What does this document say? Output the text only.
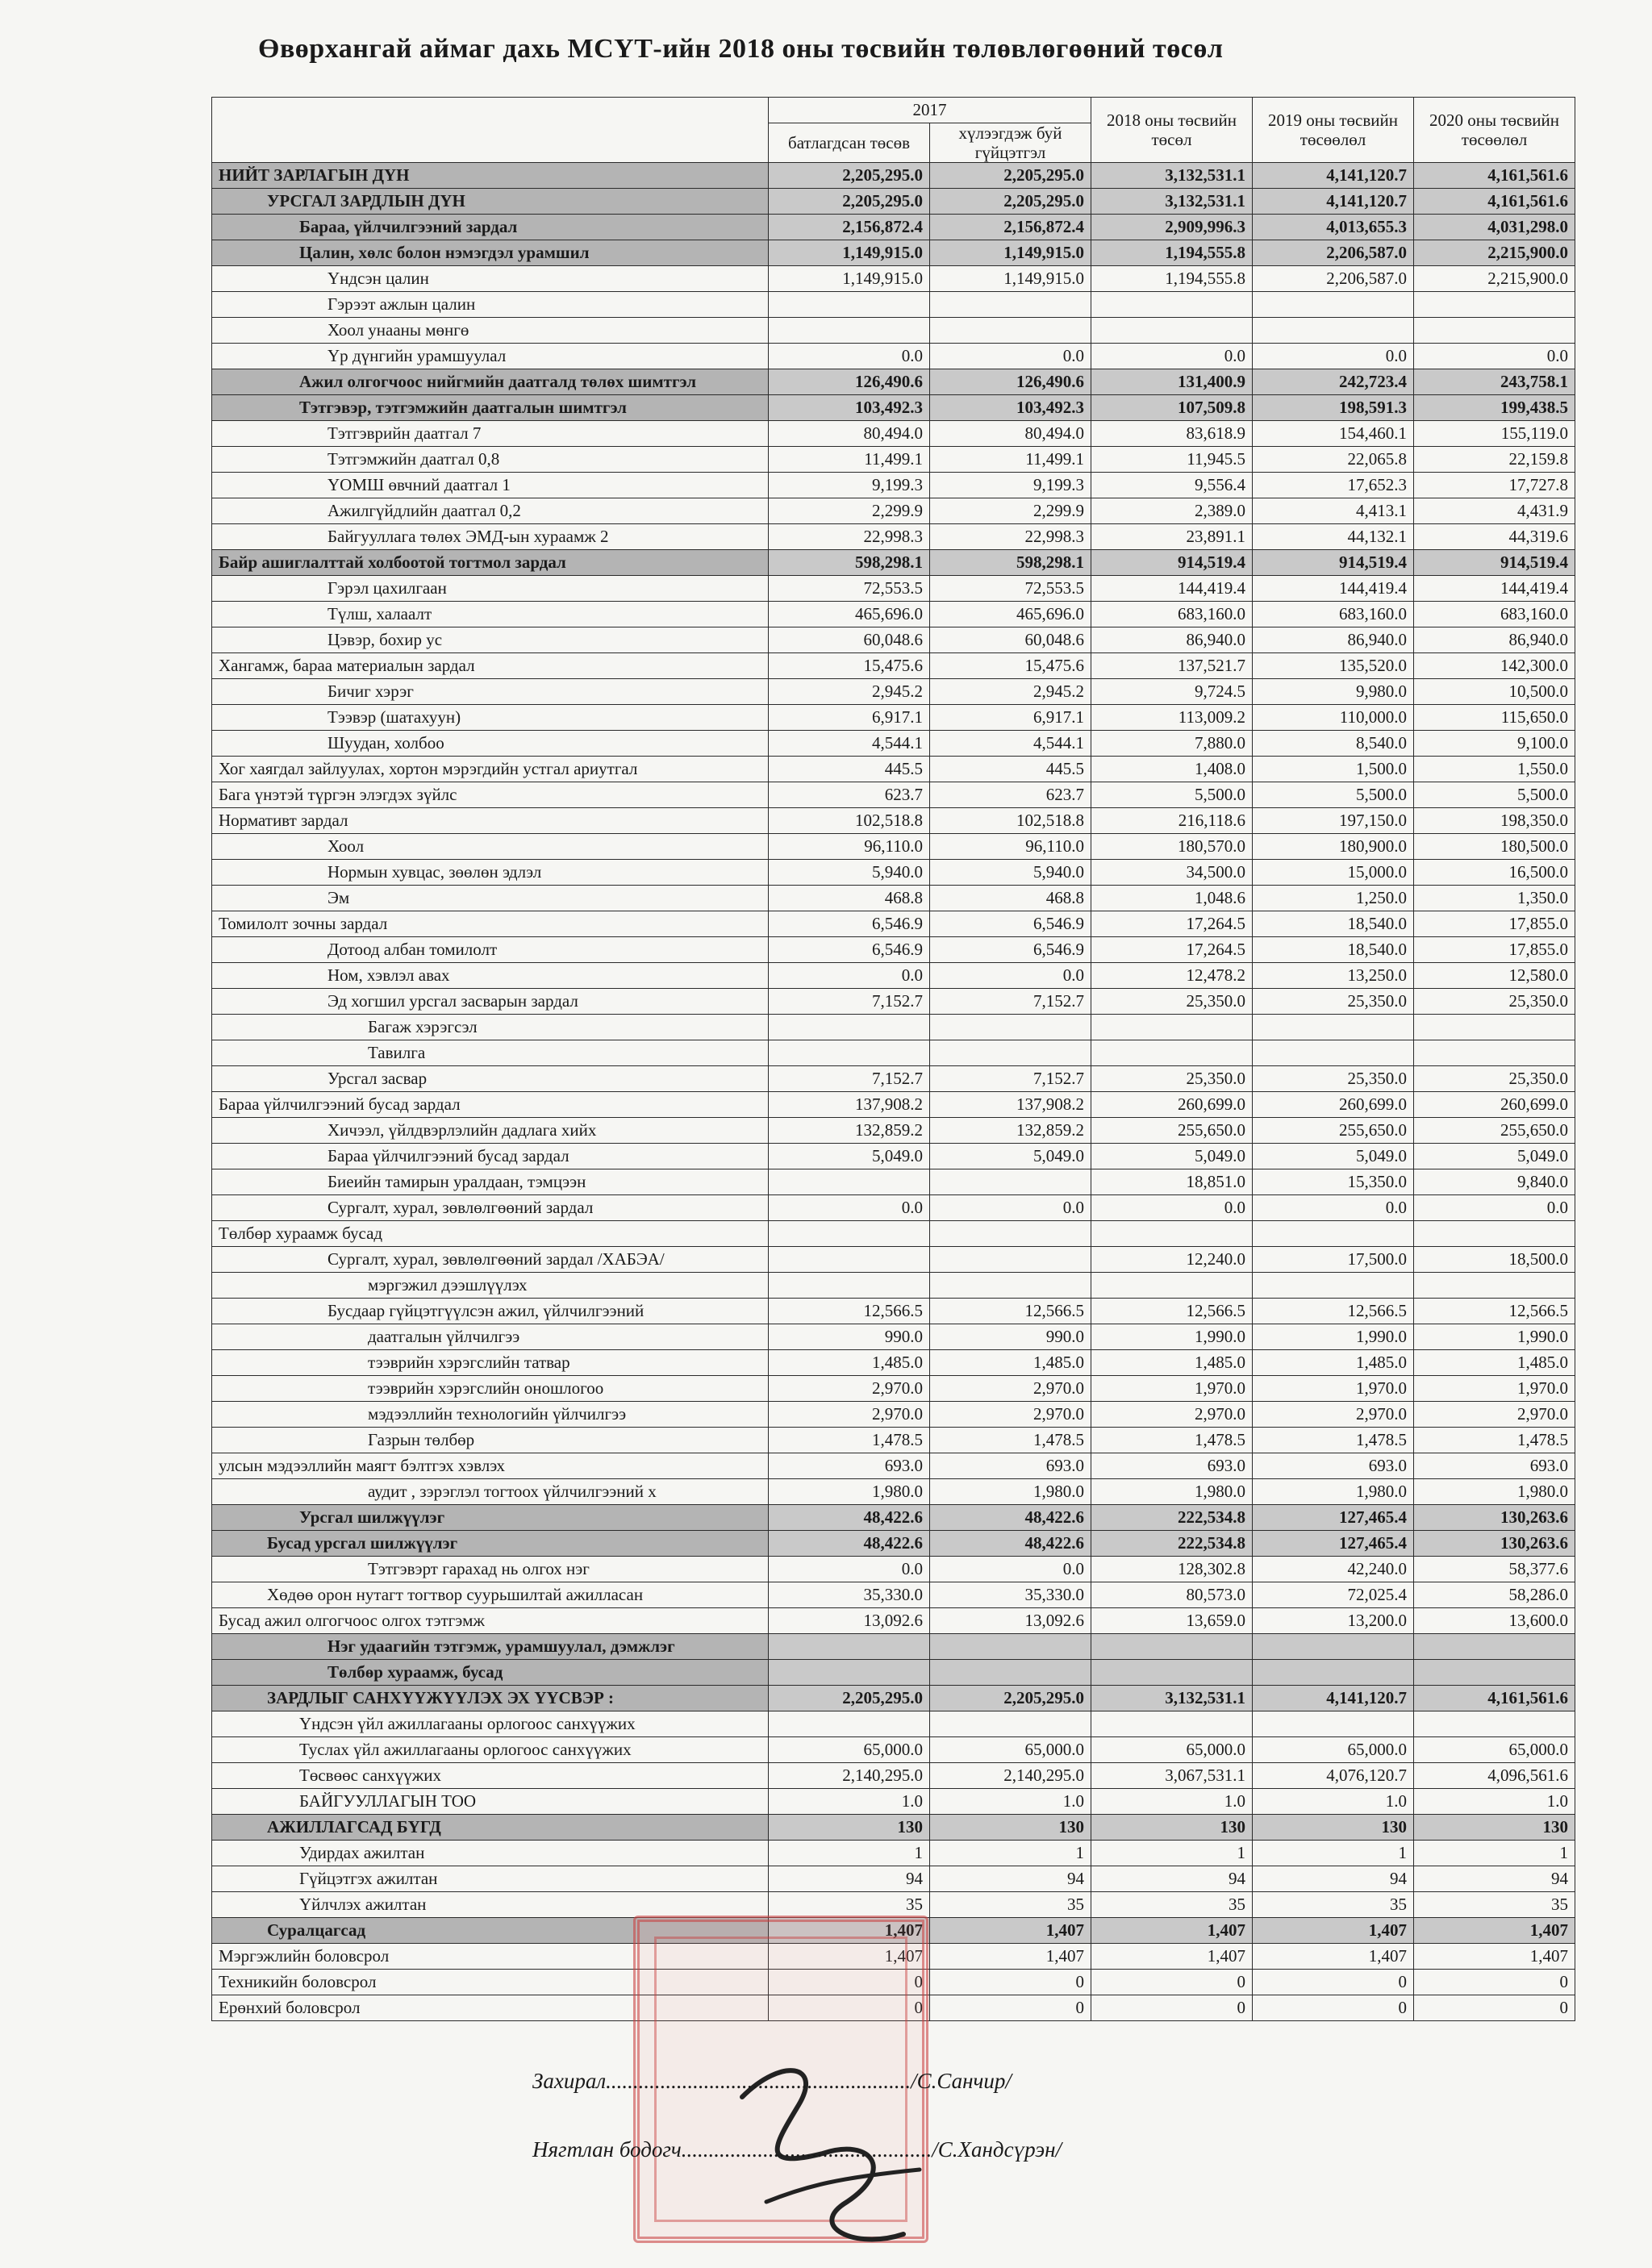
Өвөрхангай аймаг дахь МСҮТ-ийн 2018 оны төсвийн төлөвлөгөөний төсөл
	2017		2018 оны төсвийн төсөл	2019 оны төсвийн төсөөлөл	2020 оны төсвийн төсөөлөл
	батлагдсан төсөв	хүлээгдэж буй гүйцэтгэл			
НИЙТ ЗАРЛАГЫН ДҮН	2,205,295.0	2,205,295.0	3,132,531.1	4,141,120.7	4,161,561.6
УРСГАЛ ЗАРДЛЫН ДҮН	2,205,295.0	2,205,295.0	3,132,531.1	4,141,120.7	4,161,561.6
Бараа, үйлчилгээний зардал	2,156,872.4	2,156,872.4	2,909,996.3	4,013,655.3	4,031,298.0
Цалин, хөлс болон нэмэгдэл урамшил	1,149,915.0	1,149,915.0	1,194,555.8	2,206,587.0	2,215,900.0
Үндсэн цалин	1,149,915.0	1,149,915.0	1,194,555.8	2,206,587.0	2,215,900.0
Гэрээт ажлын цалин					
Хоол унааны мөнгө					
Үр дүнгийн урамшуулал	0.0	0.0	0.0	0.0	0.0
Ажил олгогчоос нийгмийн даатгалд төлөх шимтгэл	126,490.6	126,490.6	131,400.9	242,723.4	243,758.1
Тэтгэвэр, тэтгэмжийн даатгалын шимтгэл	103,492.3	103,492.3	107,509.8	198,591.3	199,438.5
Тэтгэврийн даатгал 7	80,494.0	80,494.0	83,618.9	154,460.1	155,119.0
Тэтгэмжийн даатгал 0,8	11,499.1	11,499.1	11,945.5	22,065.8	22,159.8
ҮОМШ өвчний даатгал 1	9,199.3	9,199.3	9,556.4	17,652.3	17,727.8
Ажилгүйдлийн даатгал 0,2	2,299.9	2,299.9	2,389.0	4,413.1	4,431.9
Байгууллага төлөх ЭМД-ын хураамж 2	22,998.3	22,998.3	23,891.1	44,132.1	44,319.6
Байр ашиглалттай холбоотой тогтмол зардал	598,298.1	598,298.1	914,519.4	914,519.4	914,519.4
Гэрэл цахилгаан	72,553.5	72,553.5	144,419.4	144,419.4	144,419.4
Түлш, халаалт	465,696.0	465,696.0	683,160.0	683,160.0	683,160.0
Цэвэр, бохир ус	60,048.6	60,048.6	86,940.0	86,940.0	86,940.0
Хангамж, бараа материалын зардал	15,475.6	15,475.6	137,521.7	135,520.0	142,300.0
Бичиг хэрэг	2,945.2	2,945.2	9,724.5	9,980.0	10,500.0
Тээвэр (шатахуун)	6,917.1	6,917.1	113,009.2	110,000.0	115,650.0
Шуудан, холбоо	4,544.1	4,544.1	7,880.0	8,540.0	9,100.0
Хог хаягдал зайлуулах, хортон мэрэгдийн устгал ариутгал	445.5	445.5	1,408.0	1,500.0	1,550.0
Бага үнэтэй түргэн элэгдэх зүйлс	623.7	623.7	5,500.0	5,500.0	5,500.0
Нормативт зардал	102,518.8	102,518.8	216,118.6	197,150.0	198,350.0
Хоол	96,110.0	96,110.0	180,570.0	180,900.0	180,500.0
Нормын хувцас, зөөлөн эдлэл	5,940.0	5,940.0	34,500.0	15,000.0	16,500.0
Эм	468.8	468.8	1,048.6	1,250.0	1,350.0
Томилолт зочны зардал	6,546.9	6,546.9	17,264.5	18,540.0	17,855.0
Дотоод албан томилолт	6,546.9	6,546.9	17,264.5	18,540.0	17,855.0
Ном, хэвлэл авах	0.0	0.0	12,478.2	13,250.0	12,580.0
Эд хогшил урсгал засварын зардал	7,152.7	7,152.7	25,350.0	25,350.0	25,350.0
Багаж хэрэгсэл					
Тавилга					
Урсгал засвар	7,152.7	7,152.7	25,350.0	25,350.0	25,350.0
Бараа үйлчилгээний бусад зардал	137,908.2	137,908.2	260,699.0	260,699.0	260,699.0
Хичээл, үйлдвэрлэлийн дадлага хийх	132,859.2	132,859.2	255,650.0	255,650.0	255,650.0
Бараа үйлчилгээний бусад зардал	5,049.0	5,049.0	5,049.0	5,049.0	5,049.0
Биеийн тамирын уралдаан, тэмцээн			18,851.0	15,350.0	9,840.0
Сургалт, хурал, зөвлөлгөөний зардал	0.0	0.0	0.0	0.0	0.0
Төлбөр хураамж бусад					
Сургалт, хурал, зөвлөлгөөний зардал /ХАБЭА/			12,240.0	17,500.0	18,500.0
мэргэжил дээшлүүлэх					
Бусдаар гүйцэтгүүлсэн ажил, үйлчилгээний	12,566.5	12,566.5	12,566.5	12,566.5	12,566.5
даатгалын үйлчилгээ	990.0	990.0	1,990.0	1,990.0	1,990.0
тээврийн хэрэгслийн татвар	1,485.0	1,485.0	1,485.0	1,485.0	1,485.0
тээврийн хэрэгслийн оношлогоо	2,970.0	2,970.0	1,970.0	1,970.0	1,970.0
мэдээллийн технологийн үйлчилгээ	2,970.0	2,970.0	2,970.0	2,970.0	2,970.0
Газрын төлбөр	1,478.5	1,478.5	1,478.5	1,478.5	1,478.5
улсын мэдээллийн маягт бэлтгэх хэвлэх	693.0	693.0	693.0	693.0	693.0
аудит , зэрэглэл тогтоох үйлчилгээний х	1,980.0	1,980.0	1,980.0	1,980.0	1,980.0
Урсгал шилжүүлэг	48,422.6	48,422.6	222,534.8	127,465.4	130,263.6
Бусад урсгал шилжүүлэг	48,422.6	48,422.6	222,534.8	127,465.4	130,263.6
Тэтгэвэрт гарахад нь олгох нэг	0.0	0.0	128,302.8	42,240.0	58,377.6
Хөдөө орон нутагт тогтвор суурьшилтай ажилласан	35,330.0	35,330.0	80,573.0	72,025.4	58,286.0
Бусад ажил олгогчоос олгох тэтгэмж	13,092.6	13,092.6	13,659.0	13,200.0	13,600.0
Нэг удаагийн тэтгэмж, урамшуулал, дэмжлэг					
Төлбөр хураамж, бусад					
ЗАРДЛЫГ САНХҮҮЖҮҮЛЭХ ЭХ ҮҮСВЭР :	2,205,295.0	2,205,295.0	3,132,531.1	4,141,120.7	4,161,561.6
Үндсэн үйл ажиллагааны орлогоос санхүүжих					
Туслах үйл ажиллагааны орлогоос санхүүжих	65,000.0	65,000.0	65,000.0	65,000.0	65,000.0
Төсвөөс санхүүжих	2,140,295.0	2,140,295.0	3,067,531.1	4,076,120.7	4,096,561.6
БАЙГУУЛЛАГЫН ТОО	1.0	1.0	1.0	1.0	1.0
АЖИЛЛАГСАД БҮГД	130	130	130	130	130
Удирдах ажилтан	1	1	1	1	1
Гүйцэтгэх ажилтан	94	94	94	94	94
Үйлчлэх ажилтан	35	35	35	35	35
Суралцагсад	1,407	1,407	1,407	1,407	1,407
Мэргэжлийн боловсрол	1,407	1,407	1,407	1,407	1,407
Техникийн боловсрол	0	0	0	0	0
Ерөнхий боловсрол	0	0	0	0	0
Захирал......................................................../С.Санчир/
Нягтлан бодогч............................................../С.Хандсүрэн/
